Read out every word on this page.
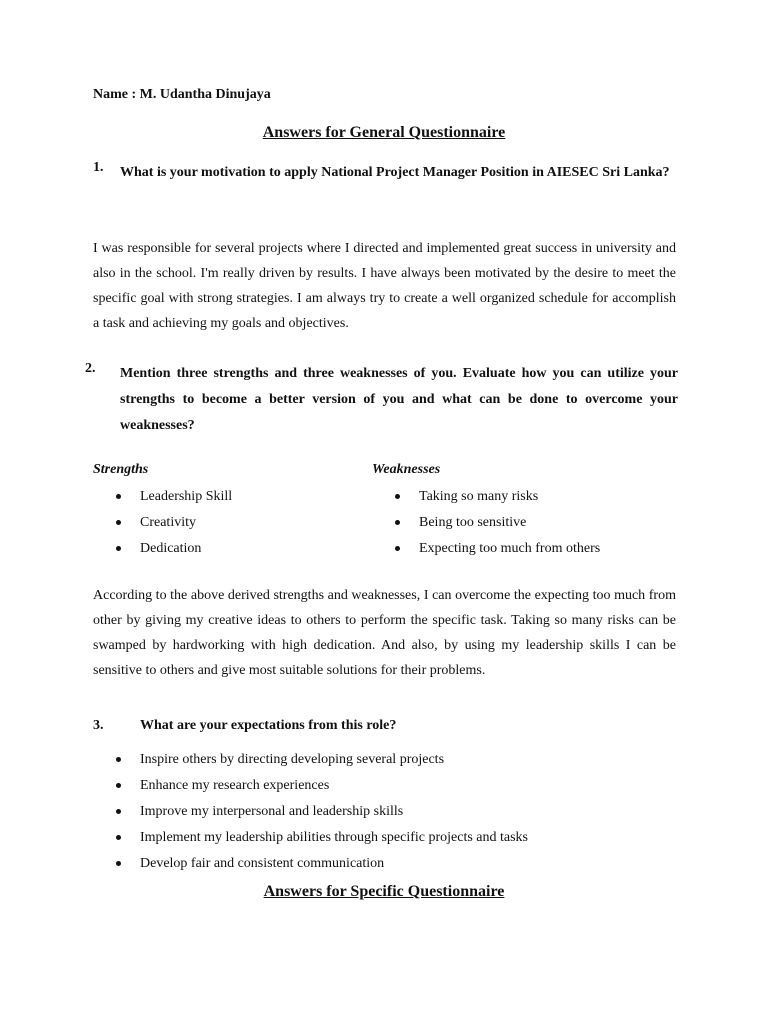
Name : M. Udantha Dinujaya
Answers for General Questionnaire
1. What is your motivation to apply National Project Manager Position in AIESEC Sri Lanka?
I was responsible for several projects where I directed and implemented great success in university and also in the school. I'm really driven by results. I have always been motivated by the desire to meet the specific goal with strong strategies. I am always try to create a well organized schedule for accomplish a task and achieving my goals and objectives.
2. Mention three strengths and three weaknesses of you. Evaluate how you can utilize your strengths to become a better version of you and what can be done to overcome your weaknesses?
Strengths	Weaknesses
Leadership Skill
Creativity
Dedication
Taking so many risks
Being too sensitive
Expecting too much from others
According to the above derived strengths and weaknesses, I can overcome the expecting too much from other by giving my creative ideas to others to perform the specific task. Taking so many risks can be swamped by hardworking with high dedication. And also, by using my leadership skills I can be sensitive to others and give most suitable solutions for their problems.
3.	What are your expectations from this role?
Inspire others by directing developing several projects
Enhance my research experiences
Improve my interpersonal and leadership skills
Implement my leadership abilities through specific projects and tasks
Develop fair and consistent communication
Answers for Specific Questionnaire
